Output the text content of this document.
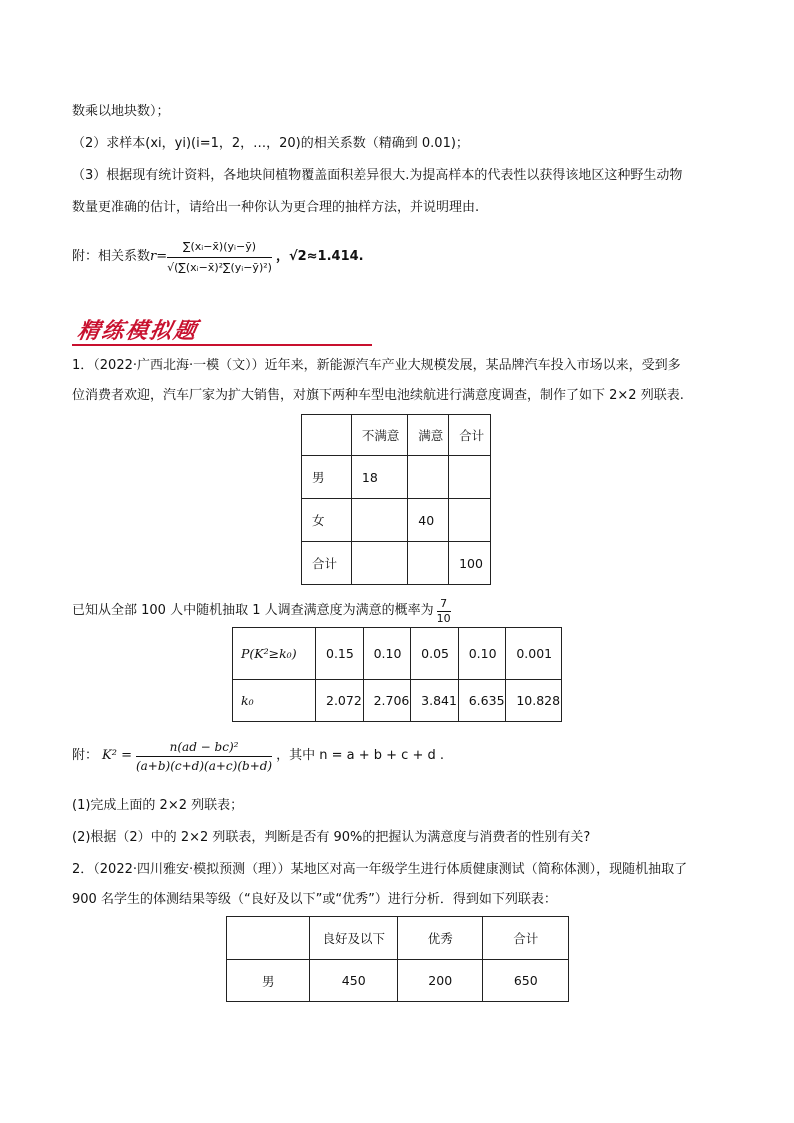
数乘以地块数）；
（2）求样本(xi，yi)(i=1，2，…，20)的相关系数（精确到 0.01)；
（3）根据现有统计资料，各地块间植物覆盖面积差异很大.为提高样本的代表性以获得该地区这种野生动物
数量更准确的估计，请给出一种你认为更合理的抽样方法，并说明理由.
附：相关系数 $r= \frac{\text{∑(xᵢ−x̄)(yᵢ−ȳ)}}{\text{√(∑(xᵢ−x̄)²∑(yᵢ−ȳ)²)}}$ ，√2≈1.414.
精练模拟题
1．（2022·广西北海·一模（文））近年来，新能源汽车产业大规模发展，某品牌汽车投入市场以来，受到多
位消费者欢迎，汽车厂家为扩大销售，对旗下两种车型电池续航进行满意度调查，制作了如下 2×2 列联表.
	不满意	满意	合计
男	18		
女		40	
合计			100
已知从全部 100 人中随机抽取 1 人调查满意度为满意的概率为 $\frac{7}{10}$
P(K²≥k₀)	0.15	0.10	0.05	0.10	0.001
k₀	2.072	2.706	3.841	6.635	10.828
附： $K^2 = \frac{\text{n(ad − bc)²}}{(a+b)(c+d)(a+c)(b+d)}$ ，其中 n = a + b + c + d .
(1)完成上面的 2×2 列联表；
(2)根据（2）中的 2×2 列联表，判断是否有 90%的把握认为满意度与消费者的性别有关?
2．（2022·四川雅安·模拟预测（理））某地区对高一年级学生进行体质健康测试（简称体测），现随机抽取了
900 名学生的体测结果等级（“良好及以下”或“优秀”）进行分析．得到如下列联表：
	良好及以下	优秀	合计
男	450	200	650
